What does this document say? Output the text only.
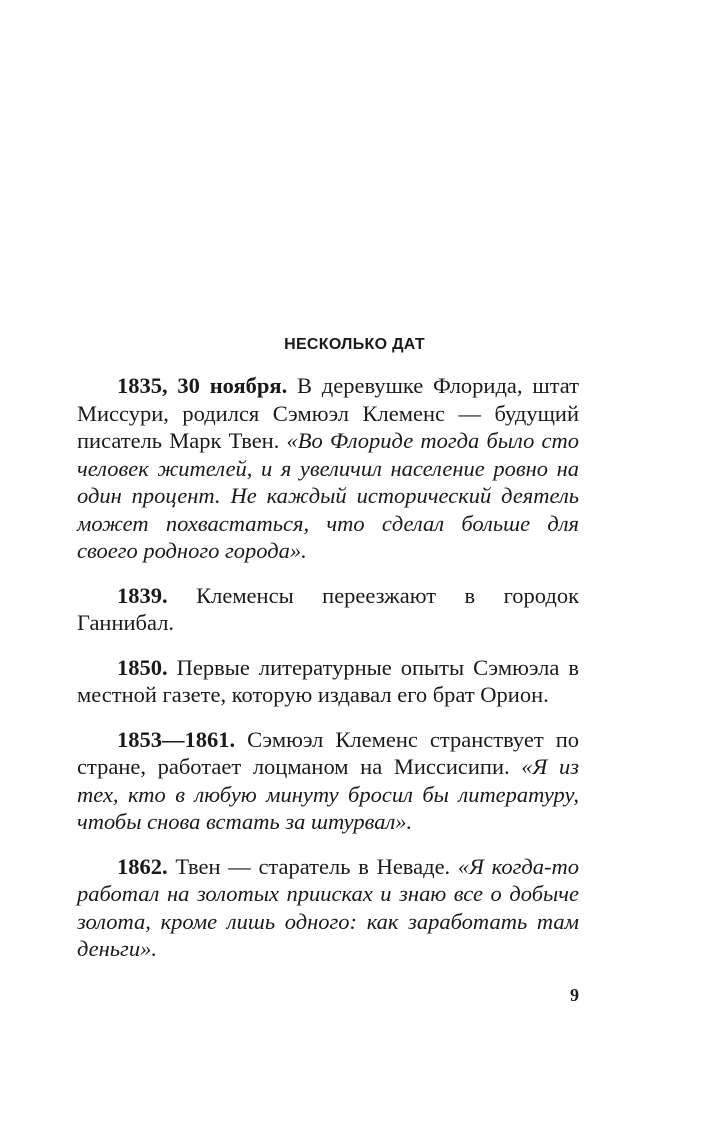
НЕСКОЛЬКО ДАТ

1835, 30 ноября. В деревушке Флорида, штат Миссури, родился Сэмюэл Клеменс — будущий писатель Марк Твен. «Во Флориде тогда было сто человек жителей, и я увеличил население ровно на один процент. Не каждый исторический деятель может похвастаться, что сделал больше для своего родного города».

1839. Клеменсы переезжают в городок Ганнибал.

1850. Первые литературные опыты Сэмюэла в местной газете, которую издавал его брат Орион.

1853—1861. Сэмюэл Клеменс странствует по стране, работает лоцманом на Миссисипи. «Я из тех, кто в любую минуту бросил бы литературу, чтобы снова встать за штурвал».

1862. Твен — старатель в Неваде. «Я когда-то работал на золотых приисках и знаю все о добыче золота, кроме лишь одного: как заработать там деньги».

9
